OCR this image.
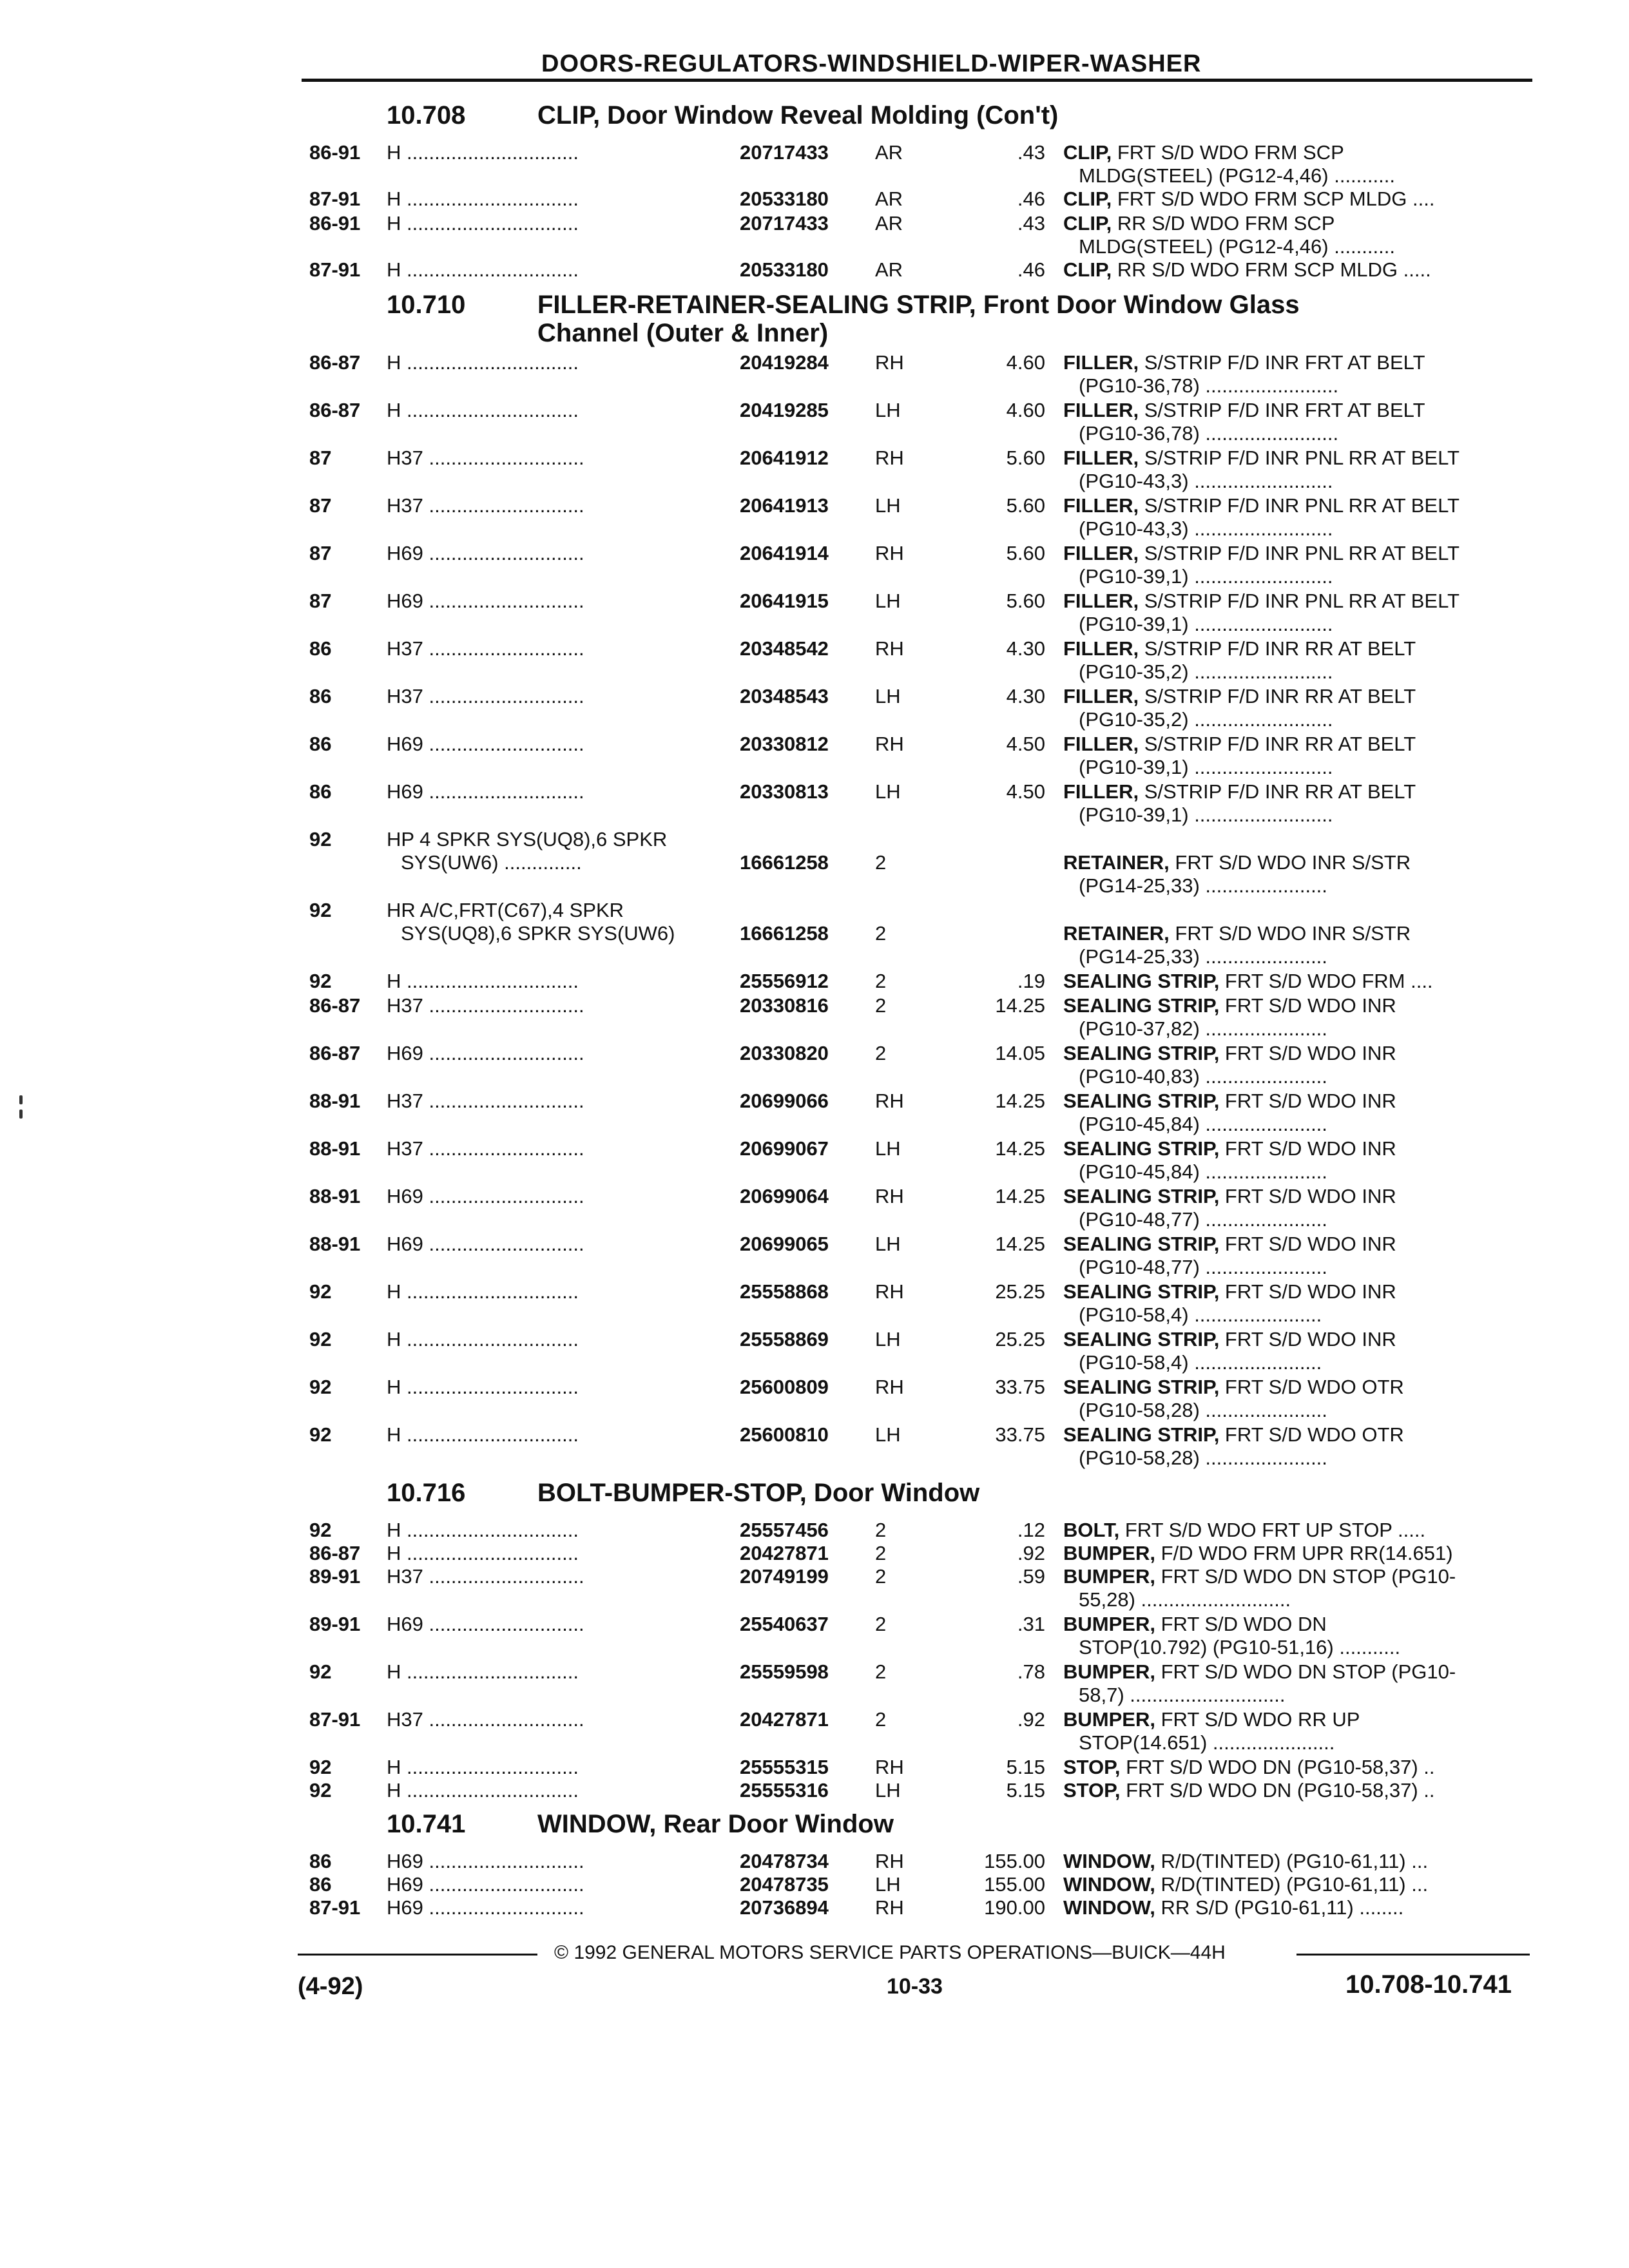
DOORS-REGULATORS-WINDSHIELD-WIPER-WASHER
10.708	CLIP, Door Window Reveal Molding (Con't)
86-91 H ...............................	20717433 AR	.43 CLIP, FRT S/D WDO FRM SCP
MLDG(STEEL) (PG12-4,46) ...........
87-91 H ...............................	20533180 AR	.46 CLIP, FRT S/D WDO FRM SCP MLDG ....
86-91 H ...............................	20717433 AR	.43 CLIP, RR S/D WDO FRM SCP
MLDG(STEEL) (PG12-4,46) ...........
87-91 H ...............................	20533180 AR	.46 CLIP, RR S/D WDO FRM SCP MLDG .....
10.710	FILLER-RETAINER-SEALING STRIP, Front Door Window Glass
Channel (Outer & Inner)
86-87 H ...............................	20419284 RH	4.60 FILLER, S/STRIP F/D INR FRT AT BELT
(PG10-36,78) ........................
86-87 H ...............................	20419285 LH	4.60 FILLER, S/STRIP F/D INR FRT AT BELT
(PG10-36,78) ........................
87	H37 ............................	20641912 RH	5.60 FILLER, S/STRIP F/D INR PNL RR AT BELT
(PG10-43,3) .........................
87	H37 ............................	20641913 LH	5.60 FILLER, S/STRIP F/D INR PNL RR AT BELT
(PG10-43,3) .........................
87	H69 ............................	20641914 RH	5.60 FILLER, S/STRIP F/D INR PNL RR AT BELT
(PG10-39,1) .........................
87	H69 ............................	20641915 LH	5.60 FILLER, S/STRIP F/D INR PNL RR AT BELT
(PG10-39,1) .........................
86	H37 ............................	20348542 RH	4.30 FILLER, S/STRIP F/D INR RR AT BELT
(PG10-35,2) .........................
86	H37 ............................	20348543 LH	4.30 FILLER, S/STRIP F/D INR RR AT BELT
(PG10-35,2) .........................
86	H69 ............................	20330812 RH	4.50 FILLER, S/STRIP F/D INR RR AT BELT
(PG10-39,1) .........................
86	H69 ............................	20330813 LH	4.50 FILLER, S/STRIP F/D INR RR AT BELT
(PG10-39,1) .........................
92	HP 4 SPKR SYS(UQ8),6 SPKR
SYS(UW6) ..............	16661258 2
	RETAINER, FRT S/D WDO INR S/STR
(PG14-25,33) ......................
92	HR A/C,FRT(C67),4 SPKR
SYS(UQ8),6 SPKR SYS(UW6)	16661258 2
	RETAINER, FRT S/D WDO INR S/STR
(PG14-25,33) ......................
92	H ...............................	25556912 2	.19 SEALING STRIP, FRT S/D WDO FRM ....
86-87 H37 ............................	20330816 2	14.25 SEALING STRIP, FRT S/D WDO INR
(PG10-37,82) ......................
86-87 H69 ............................	20330820 2	14.05 SEALING STRIP, FRT S/D WDO INR
(PG10-40,83) ......................
88-91 H37 ............................	20699066 RH	14.25 SEALING STRIP, FRT S/D WDO INR
(PG10-45,84) ......................
88-91 H37 ............................	20699067 LH	14.25 SEALING STRIP, FRT S/D WDO INR
(PG10-45,84) ......................
88-91 H69 ............................	20699064 RH	14.25 SEALING STRIP, FRT S/D WDO INR
(PG10-48,77) ......................
88-91 H69 ............................	20699065 LH	14.25 SEALING STRIP, FRT S/D WDO INR
(PG10-48,77) ......................
92	H ...............................	25558868 RH	25.25 SEALING STRIP, FRT S/D WDO INR
(PG10-58,4) .......................
92	H ...............................	25558869 LH	25.25 SEALING STRIP, FRT S/D WDO INR
(PG10-58,4) .......................
92	H ...............................	25600809 RH	33.75 SEALING STRIP, FRT S/D WDO OTR
(PG10-58,28) ......................
92	H ...............................	25600810 LH	33.75 SEALING STRIP, FRT S/D WDO OTR
(PG10-58,28) ......................
10.716	BOLT-BUMPER-STOP, Door Window
92	H ...............................	25557456 2	.12 BOLT, FRT S/D WDO FRT UP STOP .....
86-87 H ...............................	20427871 2	.92 BUMPER, F/D WDO FRM UPR RR(14.651)
89-91 H37 ............................	20749199 2	.59 BUMPER, FRT S/D WDO DN STOP (PG10-
55,28) ...........................
89-91 H69 ............................	25540637 2	.31 BUMPER, FRT S/D WDO DN
STOP(10.792) (PG10-51,16) ...........
92	H ...............................	25559598 2	.78 BUMPER, FRT S/D WDO DN STOP (PG10-
58,7) ............................
87-91 H37 ............................	20427871 2	.92 BUMPER, FRT S/D WDO RR UP
STOP(14.651) ......................
92	H ...............................	25555315 RH	5.15 STOP, FRT S/D WDO DN (PG10-58,37) ..
92	H ...............................	25555316 LH	5.15 STOP, FRT S/D WDO DN (PG10-58,37) ..
10.741	WINDOW, Rear Door Window
86	H69 ............................	20478734 RH	155.00 WINDOW, R/D(TINTED) (PG10-61,11) ...
86	H69 ............................	20478735 LH	155.00 WINDOW, R/D(TINTED) (PG10-61,11) ...
87-91 H69 ............................	20736894 RH	190.00 WINDOW, RR S/D (PG10-61,11) ........
© 1992 GENERAL MOTORS SERVICE PARTS OPERATIONS—BUICK—44H
(4-92)	10-33	10.708-10.741
